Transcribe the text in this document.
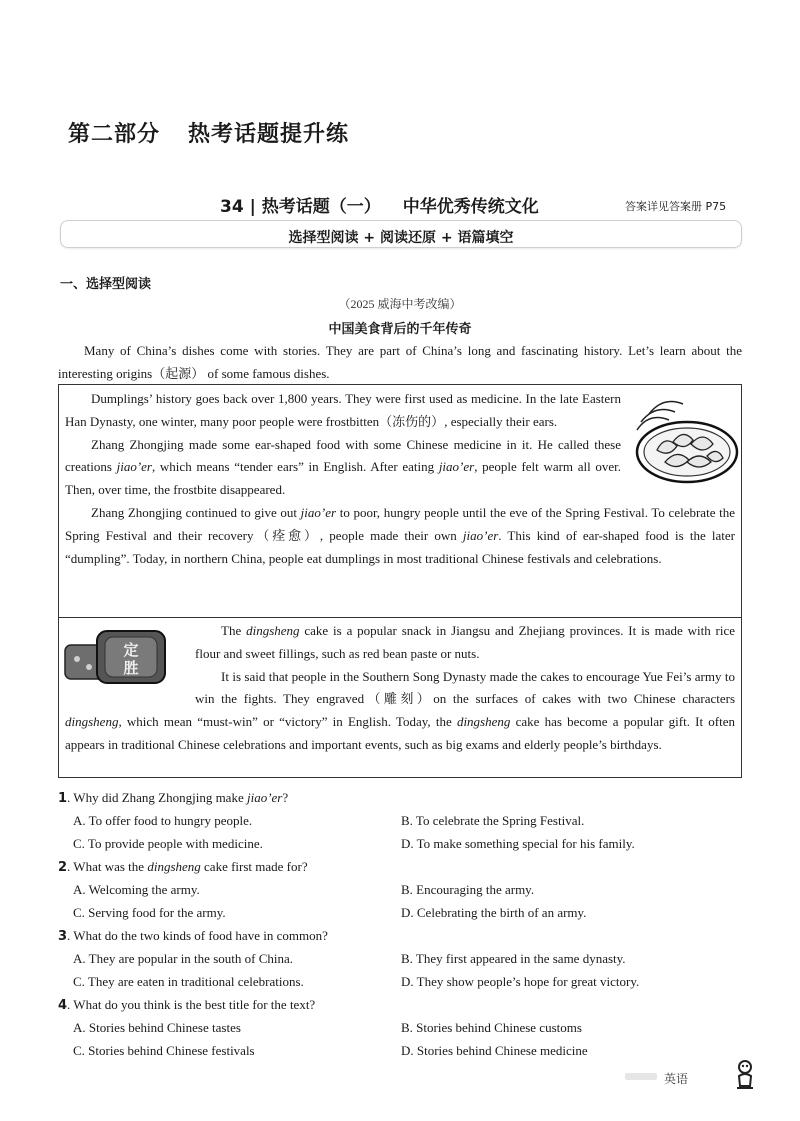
第二部分 热考话题提升练
34 | 热考话题（一） 中华优秀传统文化	答案详见答案册 P75
选择型阅读 + 阅读还原 + 语篇填空
一、选择型阅读
（2025 威海中考改编）
中国美食背后的千年传奇
Many of China’s dishes come with stories. They are part of China’s long and fascinating history. Let’s learn about the interesting origins（起源） of some famous dishes.

Dumplings’ history goes back over 1,800 years. They were first used as medicine. In the late Eastern Han Dynasty, one winter, many poor people were frostbitten（冻伤的）, especially their ears.

Zhang Zhongjing made some ear-shaped food with some Chinese medicine in it. He called these creations jiao’er, which means “tender ears” in English. After eating jiao’er, people felt warm all over. Then, over time, the frostbite disappeared.

Zhang Zhongjing continued to give out jiao’er to poor, hungry people until the eve of the Spring Festival. To celebrate the Spring Festival and their recovery（痊愈）, people made their own jiao’er. This kind of ear-shaped food is the later “dumpling”. Today, in northern China, people eat dumplings in most traditional Chinese festivals and celebrations.

定
胜

The dingsheng cake is a popular snack in Jiangsu and Zhejiang provinces. It is made with rice flour and sweet fillings, such as red bean paste or nuts.

It is said that people in the Southern Song Dynasty made the cakes to encourage Yue Fei’s army to win the fights. They engraved（雕刻）on the surfaces of cakes with two Chinese characters dingsheng, which mean “must-win” or “victory” in English. Today, the dingsheng cake has become a popular gift. It often appears in traditional Chinese celebrations and important events, such as big exams and elderly people’s birthdays.

1. Why did Zhang Zhongjing make jiao’er?
A. To offer food to hungry people.	B. To celebrate the Spring Festival.
C. To provide people with medicine.	D. To make something special for his family.
2. What was the dingsheng cake first made for?
A. Welcoming the army.	B. Encouraging the army.
C. Serving food for the army.	D. Celebrating the birth of an army.
3. What do the two kinds of food have in common?
A. They are popular in the south of China.	B. They first appeared in the same dynasty.
C. They are eaten in traditional celebrations.	D. They show people’s hope for great victory.
4. What do you think is the best title for the text?
A. Stories behind Chinese tastes	B. Stories behind Chinese customs
C. Stories behind Chinese festivals	D. Stories behind Chinese medicine
英语
